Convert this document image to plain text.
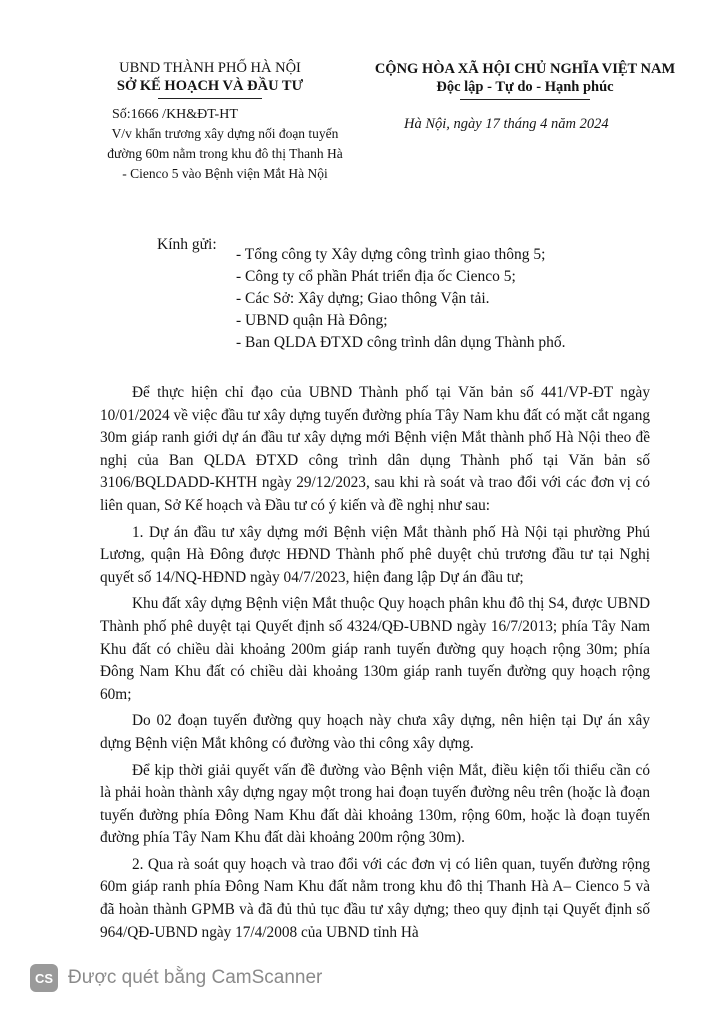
UBND THÀNH PHỐ HÀ NỘI
SỞ KẾ HOẠCH VÀ ĐẦU TƯ
Số:1666 /KH&ĐT-HT
V/v khẩn trương xây dựng nối đoạn tuyến
đường 60m nằm trong khu đô thị Thanh Hà
- Cienco 5 vào Bệnh viện Mắt Hà Nội
CỘNG HÒA XÃ HỘI CHỦ NGHĨA VIỆT NAM
Độc lập - Tự do - Hạnh phúc
Hà Nội, ngày 17 tháng 4 năm 2024
Kính gửi:
- Tổng công ty Xây dựng công trình giao thông 5;
- Công ty cổ phần Phát triển địa ốc Cienco 5;
- Các Sở: Xây dựng; Giao thông Vận tải.
- UBND quận Hà Đông;
- Ban QLDA ĐTXD công trình dân dụng Thành phố.

Để thực hiện chỉ đạo của UBND Thành phố tại Văn bản số 441/VP-ĐT ngày 10/01/2024 về việc đầu tư xây dựng tuyến đường phía Tây Nam khu đất có mặt cắt ngang 30m giáp ranh giới dự án đầu tư xây dựng mới Bệnh viện Mắt thành phố Hà Nội theo đề nghị của Ban QLDA ĐTXD công trình dân dụng Thành phố tại Văn bản số 3106/BQLDADD-KHTH ngày 29/12/2023, sau khi rà soát và trao đổi với các đơn vị có liên quan, Sở Kế hoạch và Đầu tư có ý kiến và đề nghị như sau:

1. Dự án đầu tư xây dựng mới Bệnh viện Mắt thành phố Hà Nội tại phường Phú Lương, quận Hà Đông được HĐND Thành phố phê duyệt chủ trương đầu tư tại Nghị quyết số 14/NQ-HĐND ngày 04/7/2023, hiện đang lập Dự án đầu tư;

Khu đất xây dựng Bệnh viện Mắt thuộc Quy hoạch phân khu đô thị S4, được UBND Thành phố phê duyệt tại Quyết định số 4324/QĐ-UBND ngày 16/7/2013; phía Tây Nam Khu đất có chiều dài khoảng 200m giáp ranh tuyến đường quy hoạch rộng 30m; phía Đông Nam Khu đất có chiều dài khoảng 130m giáp ranh tuyến đường quy hoạch rộng 60m;

Do 02 đoạn tuyến đường quy hoạch này chưa xây dựng, nên hiện tại Dự án xây dựng Bệnh viện Mắt không có đường vào thi công xây dựng.

Để kịp thời giải quyết vấn đề đường vào Bệnh viện Mắt, điều kiện tối thiểu cần có là phải hoàn thành xây dựng ngay một trong hai đoạn tuyến đường nêu trên (hoặc là đoạn tuyến đường phía Đông Nam Khu đất dài khoảng 130m, rộng 60m, hoặc là đoạn tuyến đường phía Tây Nam Khu đất dài khoảng 200m rộng 30m).

2. Qua rà soát quy hoạch và trao đổi với các đơn vị có liên quan, tuyến đường rộng 60m giáp ranh phía Đông Nam Khu đất nằm trong khu đô thị Thanh Hà A– Cienco 5 và đã hoàn thành GPMB và đã đủ thủ tục đầu tư xây dựng; theo quy định tại Quyết định số 964/QĐ-UBND ngày 17/4/2008 của UBND tỉnh Hà

CS Được quét bằng CamScanner
